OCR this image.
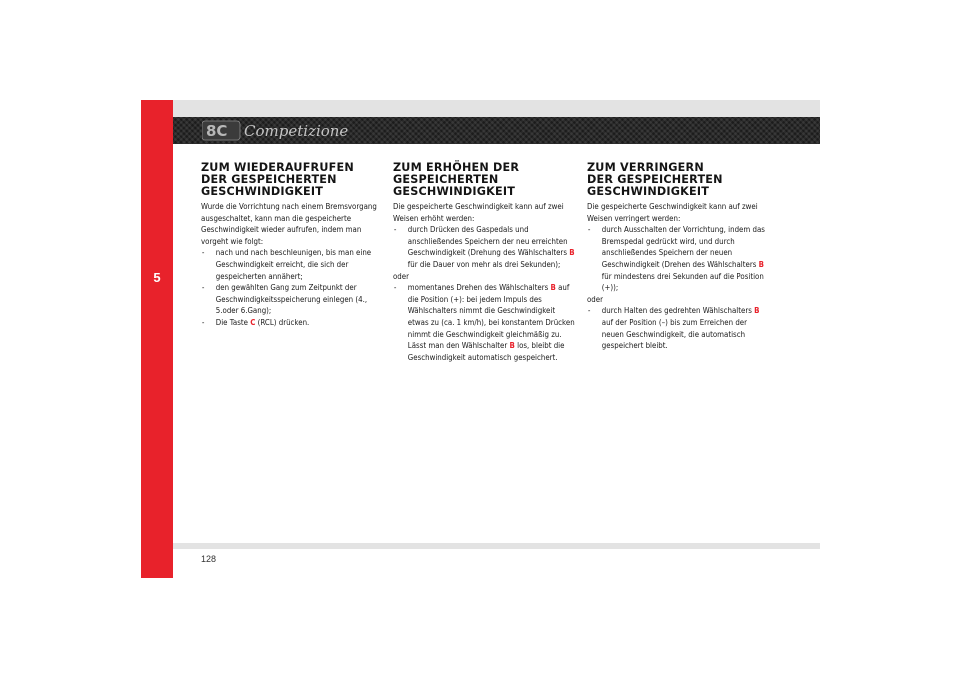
5
8C Competizione
ZUM WIEDERAUFRUFEN
DER GESPEICHERTEN
GESCHWINDIGKEIT

Wurde die Vorrichtung nach einem Bremsvorgang ausgeschaltet, kann man die gespeicherte Geschwindigkeit wieder aufrufen, indem man vorgeht wie folgt:

- nach und nach beschleunigen, bis man eine Geschwindigkeit erreicht, die sich der gespeicherten annähert;

- den gewählten Gang zum Zeitpunkt der Geschwindigkeitsspeicherung einlegen (4., 5.oder 6.Gang);

- Die Taste C (RCL) drücken.

ZUM ERHÖHEN DER
GESPEICHERTEN
GESCHWINDIGKEIT

Die gespeicherte Geschwindigkeit kann auf zwei Weisen erhöht werden:

- durch Drücken des Gaspedals und anschließendes Speichern der neu erreichten Geschwindigkeit (Drehung des Wählschalters B für die Dauer von mehr als drei Sekunden);

oder

- momentanes Drehen des Wählschalters B auf die Position (+): bei jedem Impuls des Wählschalters nimmt die Geschwindigkeit etwas zu (ca. 1 km/h), bei konstantem Drücken nimmt die Geschwindigkeit gleichmäßig zu. Lässt man den Wählschalter B los, bleibt die Geschwindigkeit automatisch gespeichert.

ZUM VERRINGERN
DER GESPEICHERTEN
GESCHWINDIGKEIT

Die gespeicherte Geschwindigkeit kann auf zwei Weisen verringert werden:

- durch Ausschalten der Vorrichtung, indem das Bremspedal gedrückt wird, und durch anschließendes Speichern der neuen Geschwindigkeit (Drehen des Wählschalters B für mindestens drei Sekunden auf die Position (+));

oder

- durch Halten des gedrehten Wählschalters B auf der Position (–) bis zum Erreichen der neuen Geschwindigkeit, die automatisch gespeichert bleibt.

128
